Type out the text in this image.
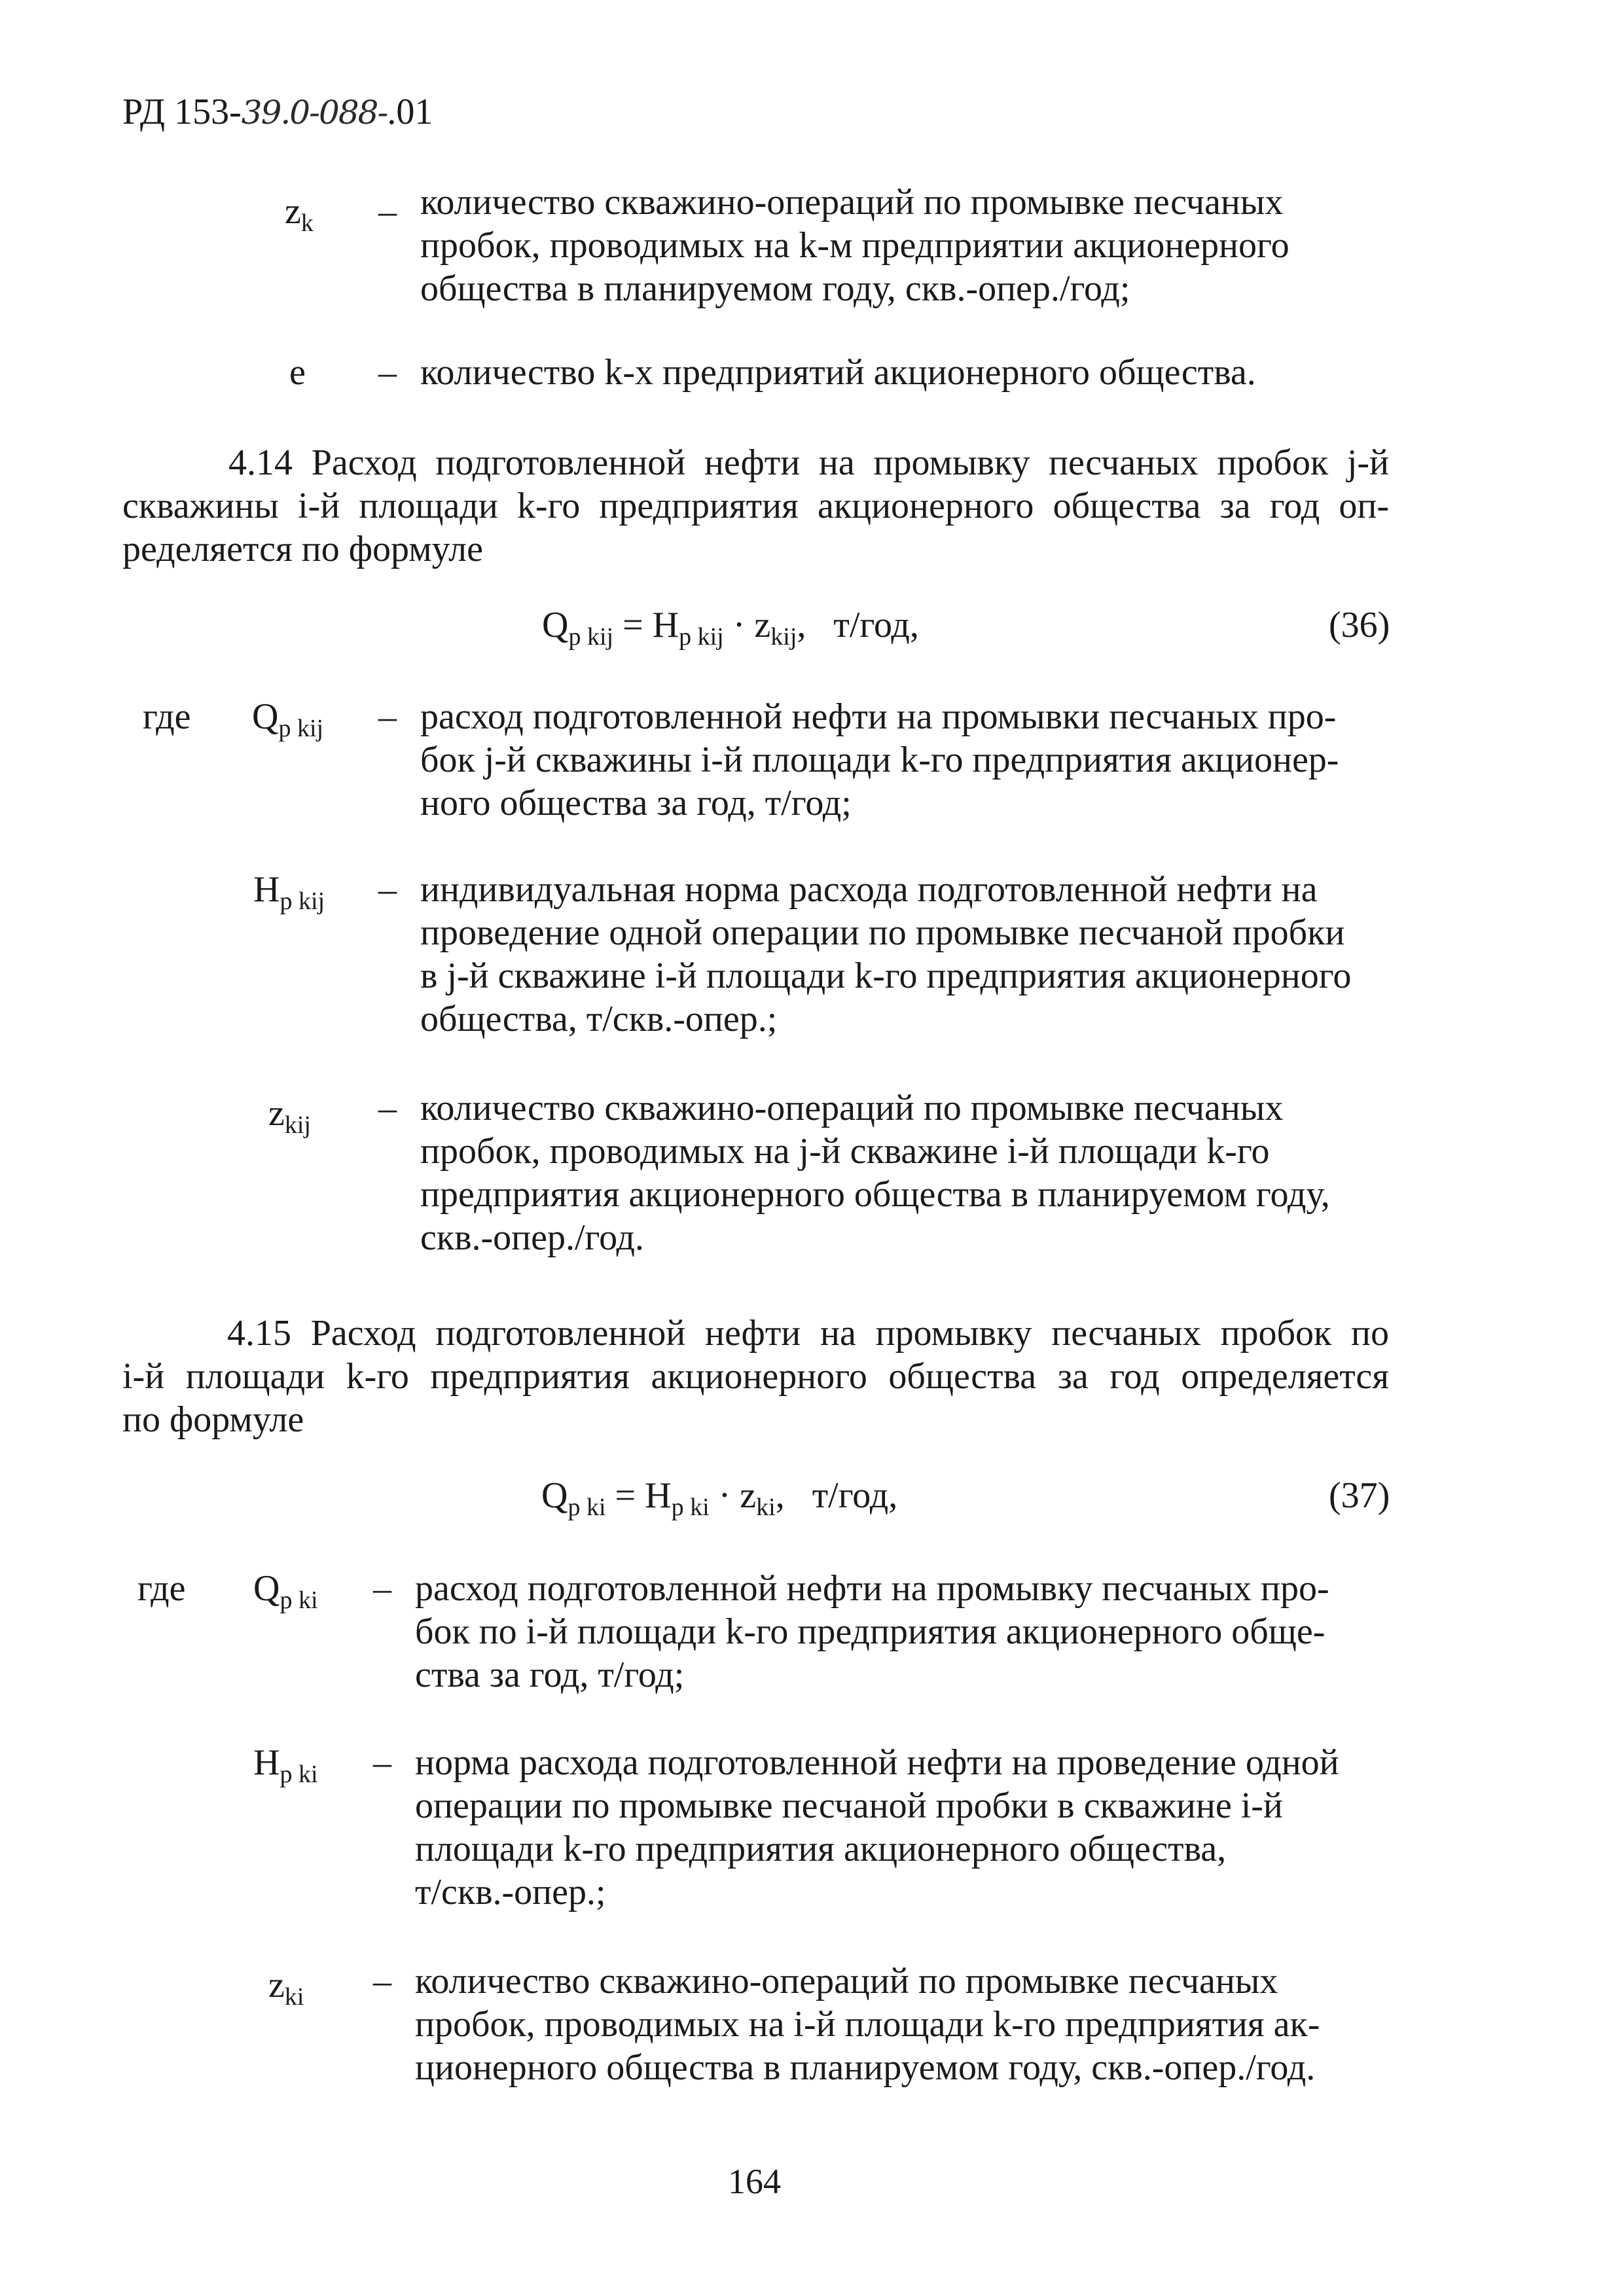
РД 153-39.0-088-.01
$z_k$ – количество скважино-операций по промывке песчаных
пробок, проводимых на k-м предприятии акционерного
общества в планируемом году, скв.-опер./год;
e – количество k-х предприятий акционерного общества.
4.14 Расход подготовленной нефти на промывку песчаных пробок j-й
скважины i-й площади k-го предприятия акционерного общества за год оп-
ределяется по формуле
$Q_{p kij} = H_{p kij} \cdot z_{kij}$,   т/год,	(36)
где $Q_{p kij}$ – расход подготовленной нефти на промывки песчаных про-
бок j-й скважины i-й площади k-го предприятия акционер-
ного общества за год, т/год;
$H_{p kij}$ – индивидуальная норма расхода подготовленной нефти на
проведение одной операции по промывке песчаной пробки
в j-й скважине i-й площади k-го предприятия акционерного
общества, т/скв.-опер.;
$z_{kij}$ – количество скважино-операций по промывке песчаных
пробок, проводимых на j-й скважине i-й площади k-го
предприятия акционерного общества в планируемом году,
скв.-опер./год.
4.15 Расход подготовленной нефти на промывку песчаных пробок по
i-й площади k-го предприятия акционерного общества за год определяется
по формуле
$Q_{p ki} = H_{p ki} \cdot z_{ki}$,   т/год,	(37)
где $Q_{p ki}$ – расход подготовленной нефти на промывку песчаных про-
бок по i-й площади k-го предприятия акционерного обще-
ства за год, т/год;
$H_{p ki}$ – норма расхода подготовленной нефти на проведение одной
операции по промывке песчаной пробки в скважине i-й
площади k-го предприятия акционерного общества,
т/скв.-опер.;
$z_{ki}$ – количество скважино-операций по промывке песчаных
пробок, проводимых на i-й площади k-го предприятия ак-
ционерного общества в планируемом году, скв.-опер./год.
164
